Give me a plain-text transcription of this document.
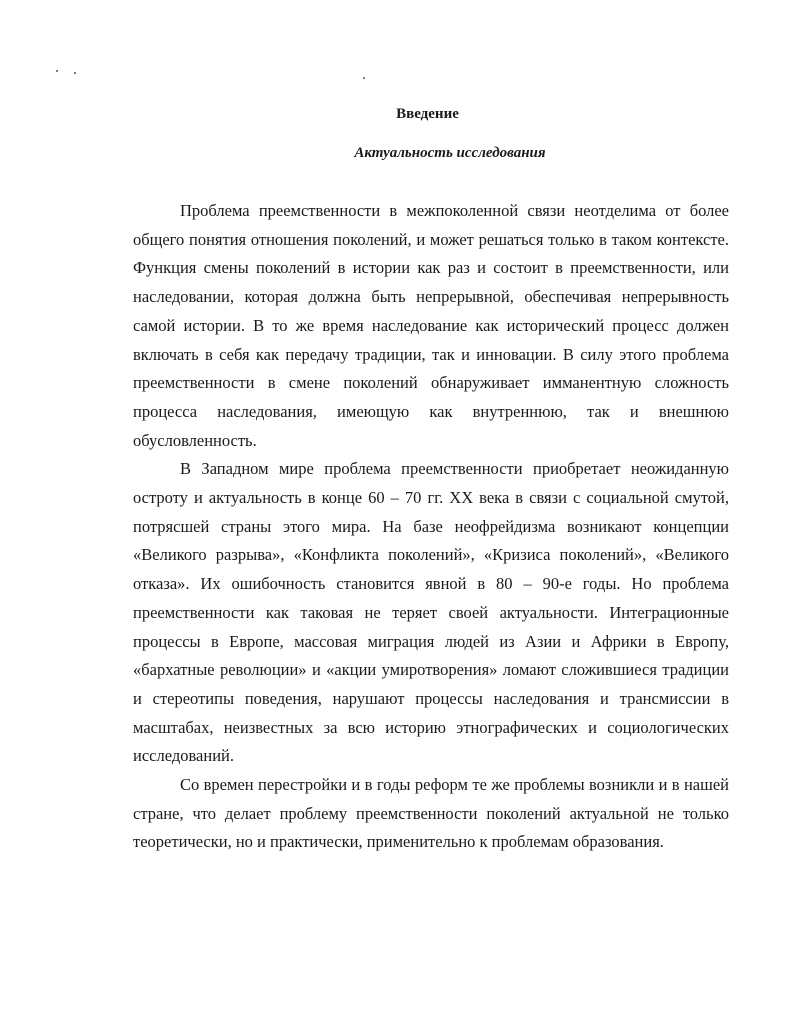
Введение
Актуальность исследования

Проблема преемственности в межпоколенной связи неотделима от более общего понятия отношения поколений, и может решаться только в таком контексте. Функция смены поколений в истории как раз и состоит в преемственности, или наследовании, которая должна быть непрерывной, обеспечивая непрерывность самой истории. В то же время наследование как исторический процесс должен включать в себя как передачу традиции, так и инновации. В силу этого проблема преемственности в смене поколений обнаруживает имманентную сложность процесса наследования, имеющую как внутреннюю, так и внешнюю обусловленность.

В Западном мире проблема преемственности приобретает неожиданную остроту и актуальность в конце 60 – 70 гг. XX века в связи с социальной смутой, потрясшей страны этого мира. На базе неофрейдизма возникают концепции «Великого разрыва», «Конфликта поколений», «Кризиса поколений», «Великого отказа». Их ошибочность становится явной в 80 – 90-е годы. Но проблема преемственности как таковая не теряет своей актуальности. Интеграционные процессы в Европе, массовая миграция людей из Азии и Африки в Европу, «бархатные революции» и «акции умиротворения» ломают сложившиеся традиции и стереотипы поведения, нарушают процессы наследования и трансмиссии в масштабах, неизвестных за всю историю этнографических и социологических исследований.

Со времен перестройки и в годы реформ те же проблемы возникли и в нашей стране, что делает проблему преемственности поколений актуальной не только теоретически, но и практически, применительно к проблемам образования.
